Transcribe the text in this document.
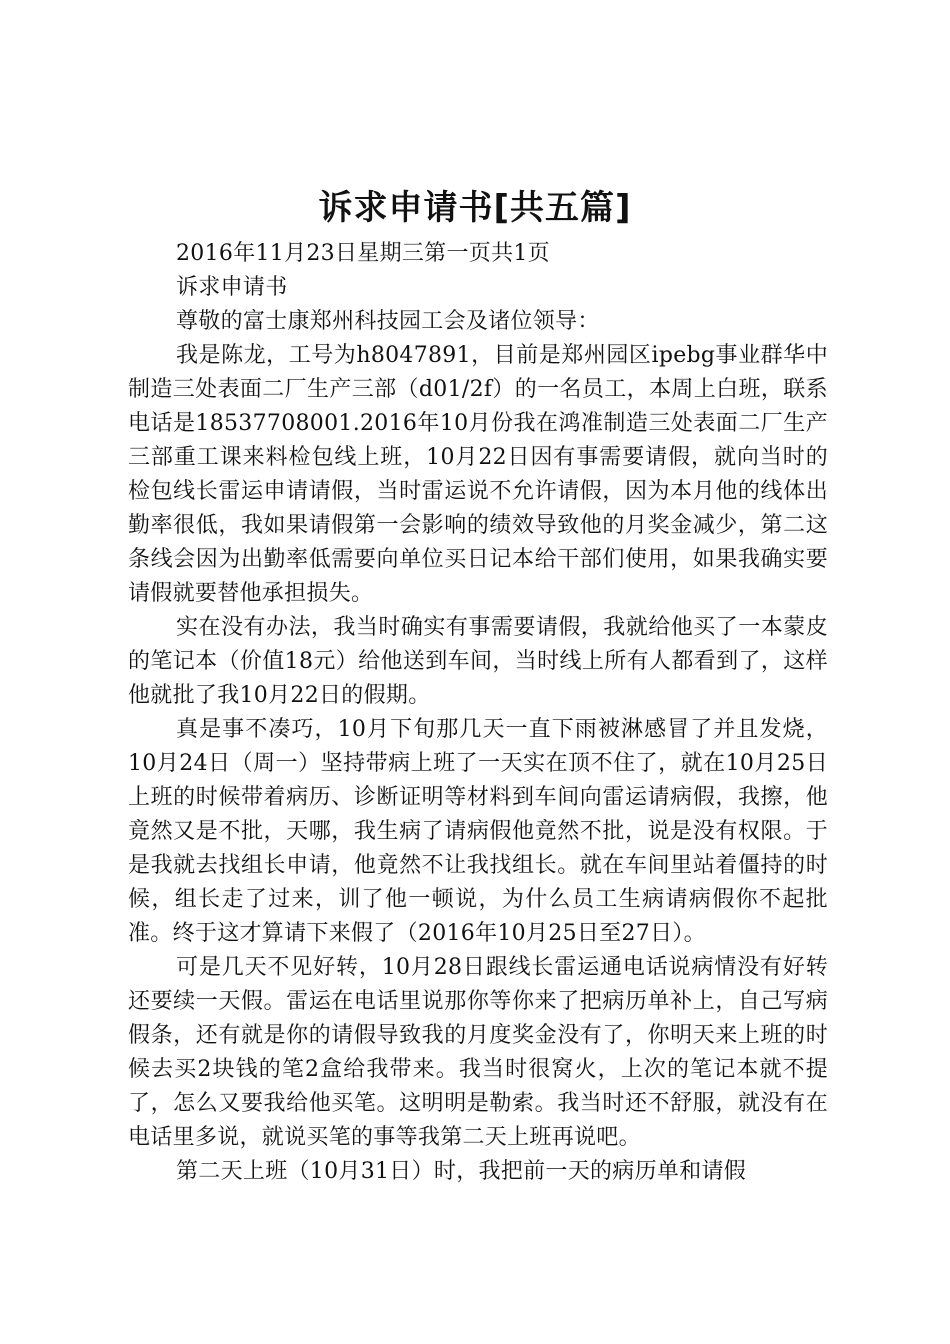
诉求申请书[共五篇]

2016年11月23日星期三第一页共1页

诉求申请书

尊敬的富士康郑州科技园工会及诸位领导：

我是陈龙，工号为h8047891，目前是郑州园区ipebg事业群华中制造三处表面二厂生产三部（d01/2f）的一名员工，本周上白班，联系电话是18537708001.2016年10月份我在鸿准制造三处表面二厂生产三部重工课来料检包线上班，10月22日因有事需要请假，就向当时的检包线长雷运申请请假，当时雷运说不允许请假，因为本月他的线体出勤率很低，我如果请假第一会影响的绩效导致他的月奖金减少，第二这条线会因为出勤率低需要向单位买日记本给干部们使用，如果我确实要请假就要替他承担损失。

实在没有办法，我当时确实有事需要请假，我就给他买了一本蒙皮的笔记本（价值18元）给他送到车间，当时线上所有人都看到了，这样他就批了我10月22日的假期。

真是事不凑巧，10月下旬那几天一直下雨被淋感冒了并且发烧，10月24日（周一）坚持带病上班了一天实在顶不住了，就在10月25日上班的时候带着病历、诊断证明等材料到车间向雷运请病假，我擦，他竟然又是不批，天哪，我生病了请病假他竟然不批，说是没有权限。于是我就去找组长申请，他竟然不让我找组长。就在车间里站着僵持的时候，组长走了过来，训了他一顿说，为什么员工生病请病假你不起批准。终于这才算请下来假了（2016年10月25日至27日）。

可是几天不见好转，10月28日跟线长雷运通电话说病情没有好转还要续一天假。雷运在电话里说那你等你来了把病历单补上，自己写病假条，还有就是你的请假导致我的月度奖金没有了，你明天来上班的时候去买2块钱的笔2盒给我带来。我当时很窝火，上次的笔记本就不提了，怎么又要我给他买笔。这明明是勒索。我当时还不舒服，就没有在电话里多说，就说买笔的事等我第二天上班再说吧。

第二天上班（10月31日）时，我把前一天的病历单和请假
